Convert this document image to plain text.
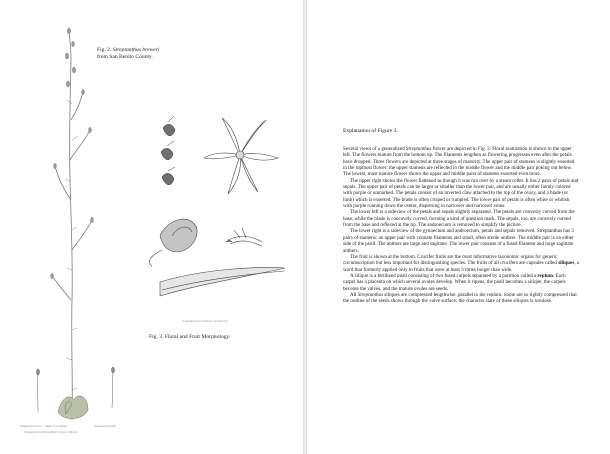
Fig. 2. Streptanthus breweri
from San Benito County.
Fig. 3. Floral and Fruit Morphology.
Streptanthus breweri (Brewer's jewelflower)
Streptanthus breweri — Brewer's Jewelflower
Streptanthus breweri San Benito County, California
botanical illustration
Explanation of Figure 3.

Several views of a generalized Streptanthus flower are depicted in Fig. 3. Floral maturation is shown in the upper left. The flowers mature from the bottom up. The filaments lengthen as flowering progresses even after the petals have dropped. Three flowers are depicted at three stages of maturity. The upper pair of stamens is slightly exserted in the topmost flower; the upper stamens are reflected in the middle flower and the middle pair poking out below. The lowest, most mature flower shows the upper and middle pairs of stamens exserted even more.

The upper right shows the flower flattened as though it was run over by a steam roller. It has 2 pairs of petals and sepals. The upper pair of petals can be larger or smaller than the lower pair, and are usually either faintly colored with purple or unmarked. The petals consist of an inverted claw attached to the top of the ovary, and a blade (or limb) which is exserted. The blade is often crisped or rumpled. The lower pair of petals is often white or whitish with purple running down the center, dispersing in narrower and narrower veins.

The lower left is a sideview of the petals and sepals slightly separated. The petals are convexly curved from the base, while the blade is concavely curved, forming a kind of question mark. The sepals, too, are convexly curved from the base and reflexed at the tip. The androecium is removed to simplify the picture.

The lower right is a sideview of the gynoecium and androecium, petals and sepals removed. Streptanthus has 3 pairs of stamens: an upper pair with connate filaments and small, often sterile anthers. The middle pair is on either side of the pistil. The anthers are large and sagittate. The lower pair consists of a fused filament and large sagittate anthers.

The fruit is shown at the bottom. Crucifer fruits are the most informative taxonomic organs for generic circumscription but less important for distinguishing species. The fruits of all crucifers are capsules called siliques, a word that formerly applied only to fruits that were at least 3 times longer than wide.

A silique is a fertilized pistil consisting of two fused carpels separated by a partition called a replum. Each carpel has a placenta on which several ovules develop. When it ripens, the pistil becomes a silique, the carpels become the valves, and the mature ovules are seeds.

All Streptanthus siliques are compressed lengthwise, parallel to the replum. Some are so tightly compressed that the outline of the seeds shows through the valve surface; the character state of these siliques is torulose.
